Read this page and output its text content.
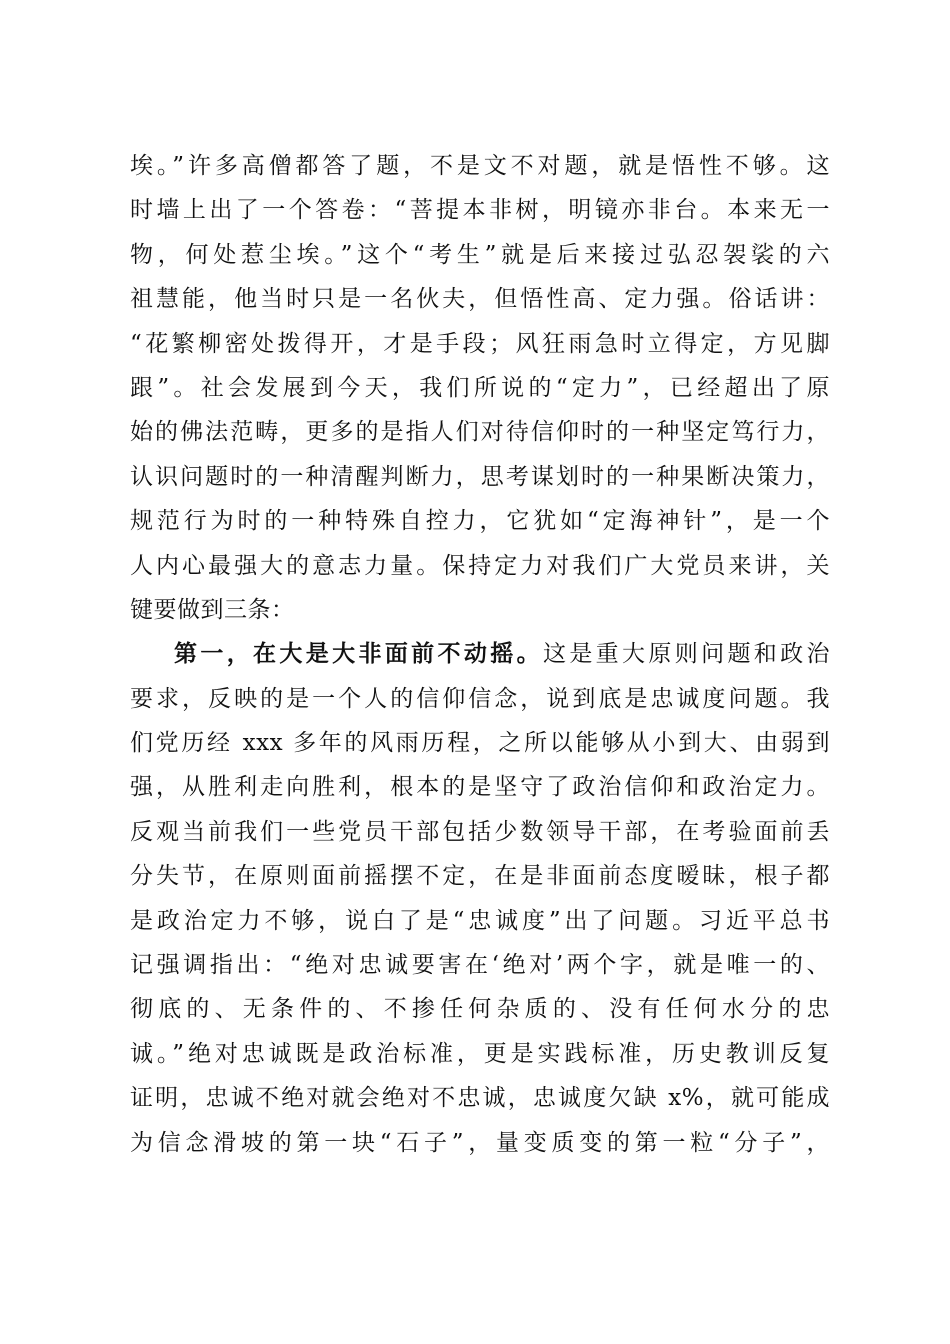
埃。”许多高僧都答了题，不是文不对题，就是悟性不够。这
时墙上出了一个答卷：“菩提本非树，明镜亦非台。本来无一
物，何处惹尘埃。”这个“考生”就是后来接过弘忍袈裟的六
祖慧能，他当时只是一名伙夫，但悟性高、定力强。俗话讲：
“花繁柳密处拨得开，才是手段；风狂雨急时立得定，方见脚
跟”。社会发展到今天，我们所说的“定力”，已经超出了原
始的佛法范畴，更多的是指人们对待信仰时的一种坚定笃行力，
认识问题时的一种清醒判断力，思考谋划时的一种果断决策力，
规范行为时的一种特殊自控力，它犹如“定海神针”，是一个
人内心最强大的意志力量。保持定力对我们广大党员来讲，关
键要做到三条：
第一，在大是大非面前不动摇。这是重大原则问题和政治
要求，反映的是一个人的信仰信念，说到底是忠诚度问题。我
们党历经 xxx 多年的风雨历程，之所以能够从小到大、由弱到
强，从胜利走向胜利，根本的是坚守了政治信仰和政治定力。
反观当前我们一些党员干部包括少数领导干部，在考验面前丢
分失节，在原则面前摇摆不定，在是非面前态度暧昧，根子都
是政治定力不够，说白了是“忠诚度”出了问题。习近平总书
记强调指出：“绝对忠诚要害在‘绝对’两个字，就是唯一的、
彻底的、无条件的、不掺任何杂质的、没有任何水分的忠
诚。”绝对忠诚既是政治标准，更是实践标准，历史教训反复
证明，忠诚不绝对就会绝对不忠诚，忠诚度欠缺 x%，就可能成
为信念滑坡的第一块“石子”，量变质变的第一粒“分子”，
